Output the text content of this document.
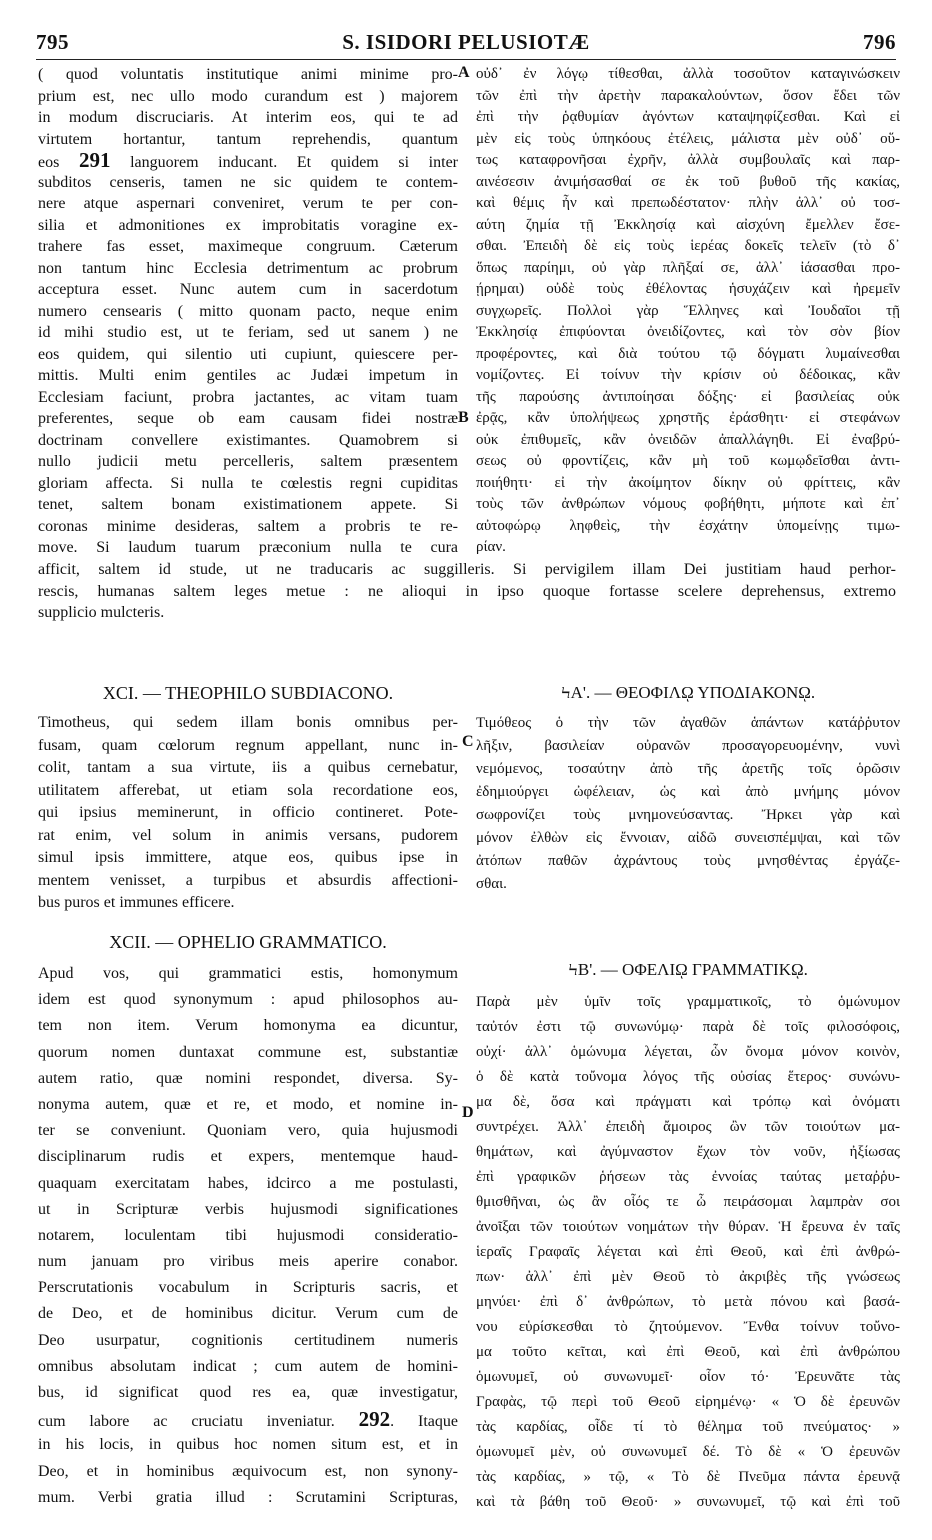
795	S. ISIDORI PELUSIOTÆ	796
( quod voluntatis institutique animi minime pro-
prium est, nec ullo modo curandum est ) majorem
in modum discruciaris. At interim eos, qui te ad
virtutem hortantur, tantum reprehendis, quantum
eos 291 languorem inducant. Et quidem si inter
subditos censeris, tamen ne sic quidem te contem-
nere atque aspernari conveniret, verum te per con-
silia et admonitiones ex improbitatis voragine ex-
trahere fas esset, maximeque congruum. Cæterum
non tantum hinc Ecclesia detrimentum ac probrum
acceptura esset. Nunc autem cum in sacerdotum
numero censearis ( mitto quonam pacto, neque enim
id mihi studio est, ut te feriam, sed ut sanem ) ne
eos quidem, qui silentio uti cupiunt, quiescere per-
mittis. Multi enim gentiles ac Judæi impetum in
Ecclesiam faciunt, probra jactantes, ac vitam tuam
preferentes, seque ob eam causam fidei nostræ
doctrinam convellere existimantes. Quamobrem si
nullo judicii metu percelleris, saltem præsentem
gloriam affecta. Si nulla te cœlestis regni cupiditas
tenet, saltem bonam existimationem appete. Si
coronas minime desideras, saltem a probris te re-
move. Si laudum tuarum præconium nulla te cura
οὐδ᾽ ἐν λόγῳ τίθεσθαι, ἀλλὰ τοσοῦτον καταγινώσκειν
τῶν ἐπὶ τὴν ἀρετὴν παρακαλούντων, ὅσον ἔδει τῶν
ἐπὶ τὴν ῥᾳθυμίαν ἀγόντων καταψηφίζεσθαι. Καὶ εἰ
μὲν εἰς τοὺς ὑπηκόους ἐτέλεις, μάλιστα μὲν οὐδ᾽ οὕ-
τως καταφρονῆσαι ἐχρῆν, ἀλλὰ συμβουλαῖς καὶ παρ-
αινέσεσιν ἀνιμήσασθαί σε ἐκ τοῦ βυθοῦ τῆς κακίας,
καὶ θέμις ἦν καὶ πρεπωδέστατον· πλὴν ἀλλ᾽ οὐ τοσ-
αύτη ζημία τῇ Ἐκκλησίᾳ καὶ αἰσχύνη ἔμελλεν ἔσε-
σθαι. Ἐπειδὴ δὲ εἰς τοὺς ἱερέας δοκεῖς τελεῖν (τὸ δ᾽
ὅπως παρίημι, οὐ γὰρ πλῆξαί σε, ἀλλ᾽ ἰάσασθαι προ-
ῄρημαι) οὐδὲ τοὺς ἐθέλοντας ἡσυχάζειν καὶ ἠρεμεῖν
συγχωρεῖς. Πολλοὶ γὰρ Ἕλληνες καὶ Ἰουδαῖοι τῇ
Ἐκκλησίᾳ ἐπιφύονται ὀνειδίζοντες, καὶ τὸν σὸν βίον
προφέροντες, καὶ διὰ τούτου τῷ δόγματι λυμαίνεσθαι
νομίζοντες. Εἰ τοίνυν τὴν κρίσιν οὐ δέδοικας, κἂν
τῆς παρούσης ἀντιποίησαι δόξης· εἰ βασιλείας οὐκ
ἐρᾷς, κἂν ὑπολήψεως χρηστῆς ἐράσθητι· εἰ στεφάνων
οὐκ ἐπιθυμεῖς, κἂν ὀνειδῶν ἀπαλλάγηθι. Εἰ ἐναβρύ-
σεως οὐ φροντίζεις, κἂν μὴ τοῦ κωμῳδεῖσθαι ἀντι-
ποιήθητι· εἰ τὴν ἀκοίμητον δίκην οὐ φρίττεις, κἂν
τοὺς τῶν ἀνθρώπων νόμους φοβήθητι, μήποτε καὶ ἐπ᾽
αὐτοφώρῳ ληφθεὶς, τὴν ἐσχάτην ὑπομείνῃς τιμω-
ρίαν.
afficit, saltem id stude, ut ne traducaris ac suggilleris. Si pervigilem illam Dei justitiam haud perhor-
rescis, humanas saltem leges metue : ne alioqui in ipso quoque fortasse scelere deprehensus, extremo
supplicio mulcteris.
A
B
C
D
XCI. — THEOPHILO SUBDIACONO.	ϞΑ'. — ΘΕΟΦΙΛῼ ΥΠΟΔΙΑΚΟΝῼ.
Timotheus, qui sedem illam bonis omnibus per-
fusam, quam cœlorum regnum appellant, nunc in-
colit, tantam a sua virtute, iis a quibus cernebatur,
utilitatem afferebat, ut etiam sola recordatione eos,
qui ipsius meminerunt, in officio contineret. Pote-
rat enim, vel solum in animis versans, pudorem
simul ipsis immittere, atque eos, quibus ipse in
mentem venisset, a turpibus et absurdis affectioni-
bus puros et immunes efficere.
Τιμόθεος ὁ τὴν τῶν ἀγαθῶν ἁπάντων κατάῤῥυτον
λῆξιν, βασιλείαν οὐρανῶν προσαγορευομένην, νυνὶ
νεμόμενος, τοσαύτην ἀπὸ τῆς ἀρετῆς τοῖς ὁρῶσιν
ἐδημιούργει ὠφέλειαν, ὡς καὶ ἀπὸ μνήμης μόνον
σωφρονίζει τοὺς μνημονεύσαντας. Ἤρκει γὰρ καὶ
μόνον ἐλθὼν εἰς ἔννοιαν, αἰδῶ συνεισπέμψαι, καὶ τῶν
ἀτόπων παθῶν ἀχράντους τοὺς μνησθέντας ἐργάζε-
σθαι.
XCII. — OPHELIO GRAMMATICO.
ϞΒ'. — ΟΦΕΛΙῼ ΓΡΑΜΜΑΤΙΚῼ.
Apud vos, qui grammatici estis, homonymum
idem est quod synonymum : apud philosophos au-
tem non item. Verum homonyma ea dicuntur,
quorum nomen duntaxat commune est, substantiæ
autem ratio, quæ nomini respondet, diversa. Sy-
nonyma autem, quæ et re, et modo, et nomine in-
ter se conveniunt. Quoniam vero, quia hujusmodi
disciplinarum rudis et expers, mentemque haud-
quaquam exercitatam habes, idcirco a me postulasti,
ut in Scripturæ verbis hujusmodi significationes
notarem, loculentam tibi hujusmodi consideratio-
num januam pro viribus meis aperire conabor.
Perscrutationis vocabulum in Scripturis sacris, et
de Deo, et de hominibus dicitur. Verum cum de
Deo usurpatur, cognitionis certitudinem numeris
omnibus absolutam indicat ; cum autem de homini-
bus, id significat quod res ea, quæ investigatur,
cum labore ac cruciatu inveniatur. 292. Itaque
in his locis, in quibus hoc nomen situm est, et in
Deo, et in hominibus æquivocum est, non synony-
mum. Verbi gratia illud : Scrutamini Scripturas,
Παρὰ μὲν ὑμῖν τοῖς γραμματικοῖς, τὸ ὁμώνυμον
ταὐτόν ἐστι τῷ συνωνύμῳ· παρὰ δὲ τοῖς φιλοσόφοις,
οὐχί· ἀλλ᾽ ὁμώνυμα λέγεται, ὧν ὄνομα μόνον κοινὸν,
ὁ δὲ κατὰ τοὔνομα λόγος τῆς οὐσίας ἕτερος· συνώνυ-
μα δὲ, ὅσα καὶ πράγματι καὶ τρόπῳ καὶ ὀνόματι
συντρέχει. Ἀλλ᾽ ἐπειδὴ ἄμοιρος ὢν τῶν τοιούτων μα-
θημάτων, καὶ ἀγύμναστον ἔχων τὸν νοῦν, ἠξίωσας
ἐπὶ γραφικῶν ῥήσεων τὰς ἐννοίας ταύτας μεταῤῥυ-
θμισθῆναι, ὡς ἂν οἷός τε ὦ πειράσομαι λαμπρὰν σοι
ἀνοῖξαι τῶν τοιούτων νοημάτων τὴν θύραν. Ἡ ἔρευνα ἐν ταῖς
ἱεραῖς Γραφαῖς λέγεται καὶ ἐπὶ Θεοῦ, καὶ ἐπὶ ἀνθρώ-
πων· ἀλλ᾽ ἐπὶ μὲν Θεοῦ τὸ ἀκριβὲς τῆς γνώσεως
μηνύει· ἐπὶ δ᾽ ἀνθρώπων, τὸ μετὰ πόνου καὶ βασά-
νου εὑρίσκεσθαι τὸ ζητούμενον. Ἔνθα τοίνυν τοὔνο-
μα τοῦτο κεῖται, καὶ ἐπὶ Θεοῦ, καὶ ἐπὶ ἀνθρώπου
ὁμωνυμεῖ, οὐ συνωνυμεῖ· οἷον τό· Ἐρευνᾶτε τὰς
Γραφὰς, τῷ περὶ τοῦ Θεοῦ εἰρημένῳ· « Ὁ δὲ ἐρευνῶν
τὰς καρδίας, οἶδε τί τὸ θέλημα τοῦ πνεύματος· »
ὁμωνυμεῖ μὲν, οὐ συνωνυμεῖ δέ. Τὸ δὲ « Ὁ ἐρευνῶν
τὰς καρδίας, » τῷ, « Τὸ δὲ Πνεῦμα πάντα ἐρευνᾷ
καὶ τὰ βάθη τοῦ Θεοῦ· » συνωνυμεῖ, τῷ καὶ ἐπὶ τοῦ
